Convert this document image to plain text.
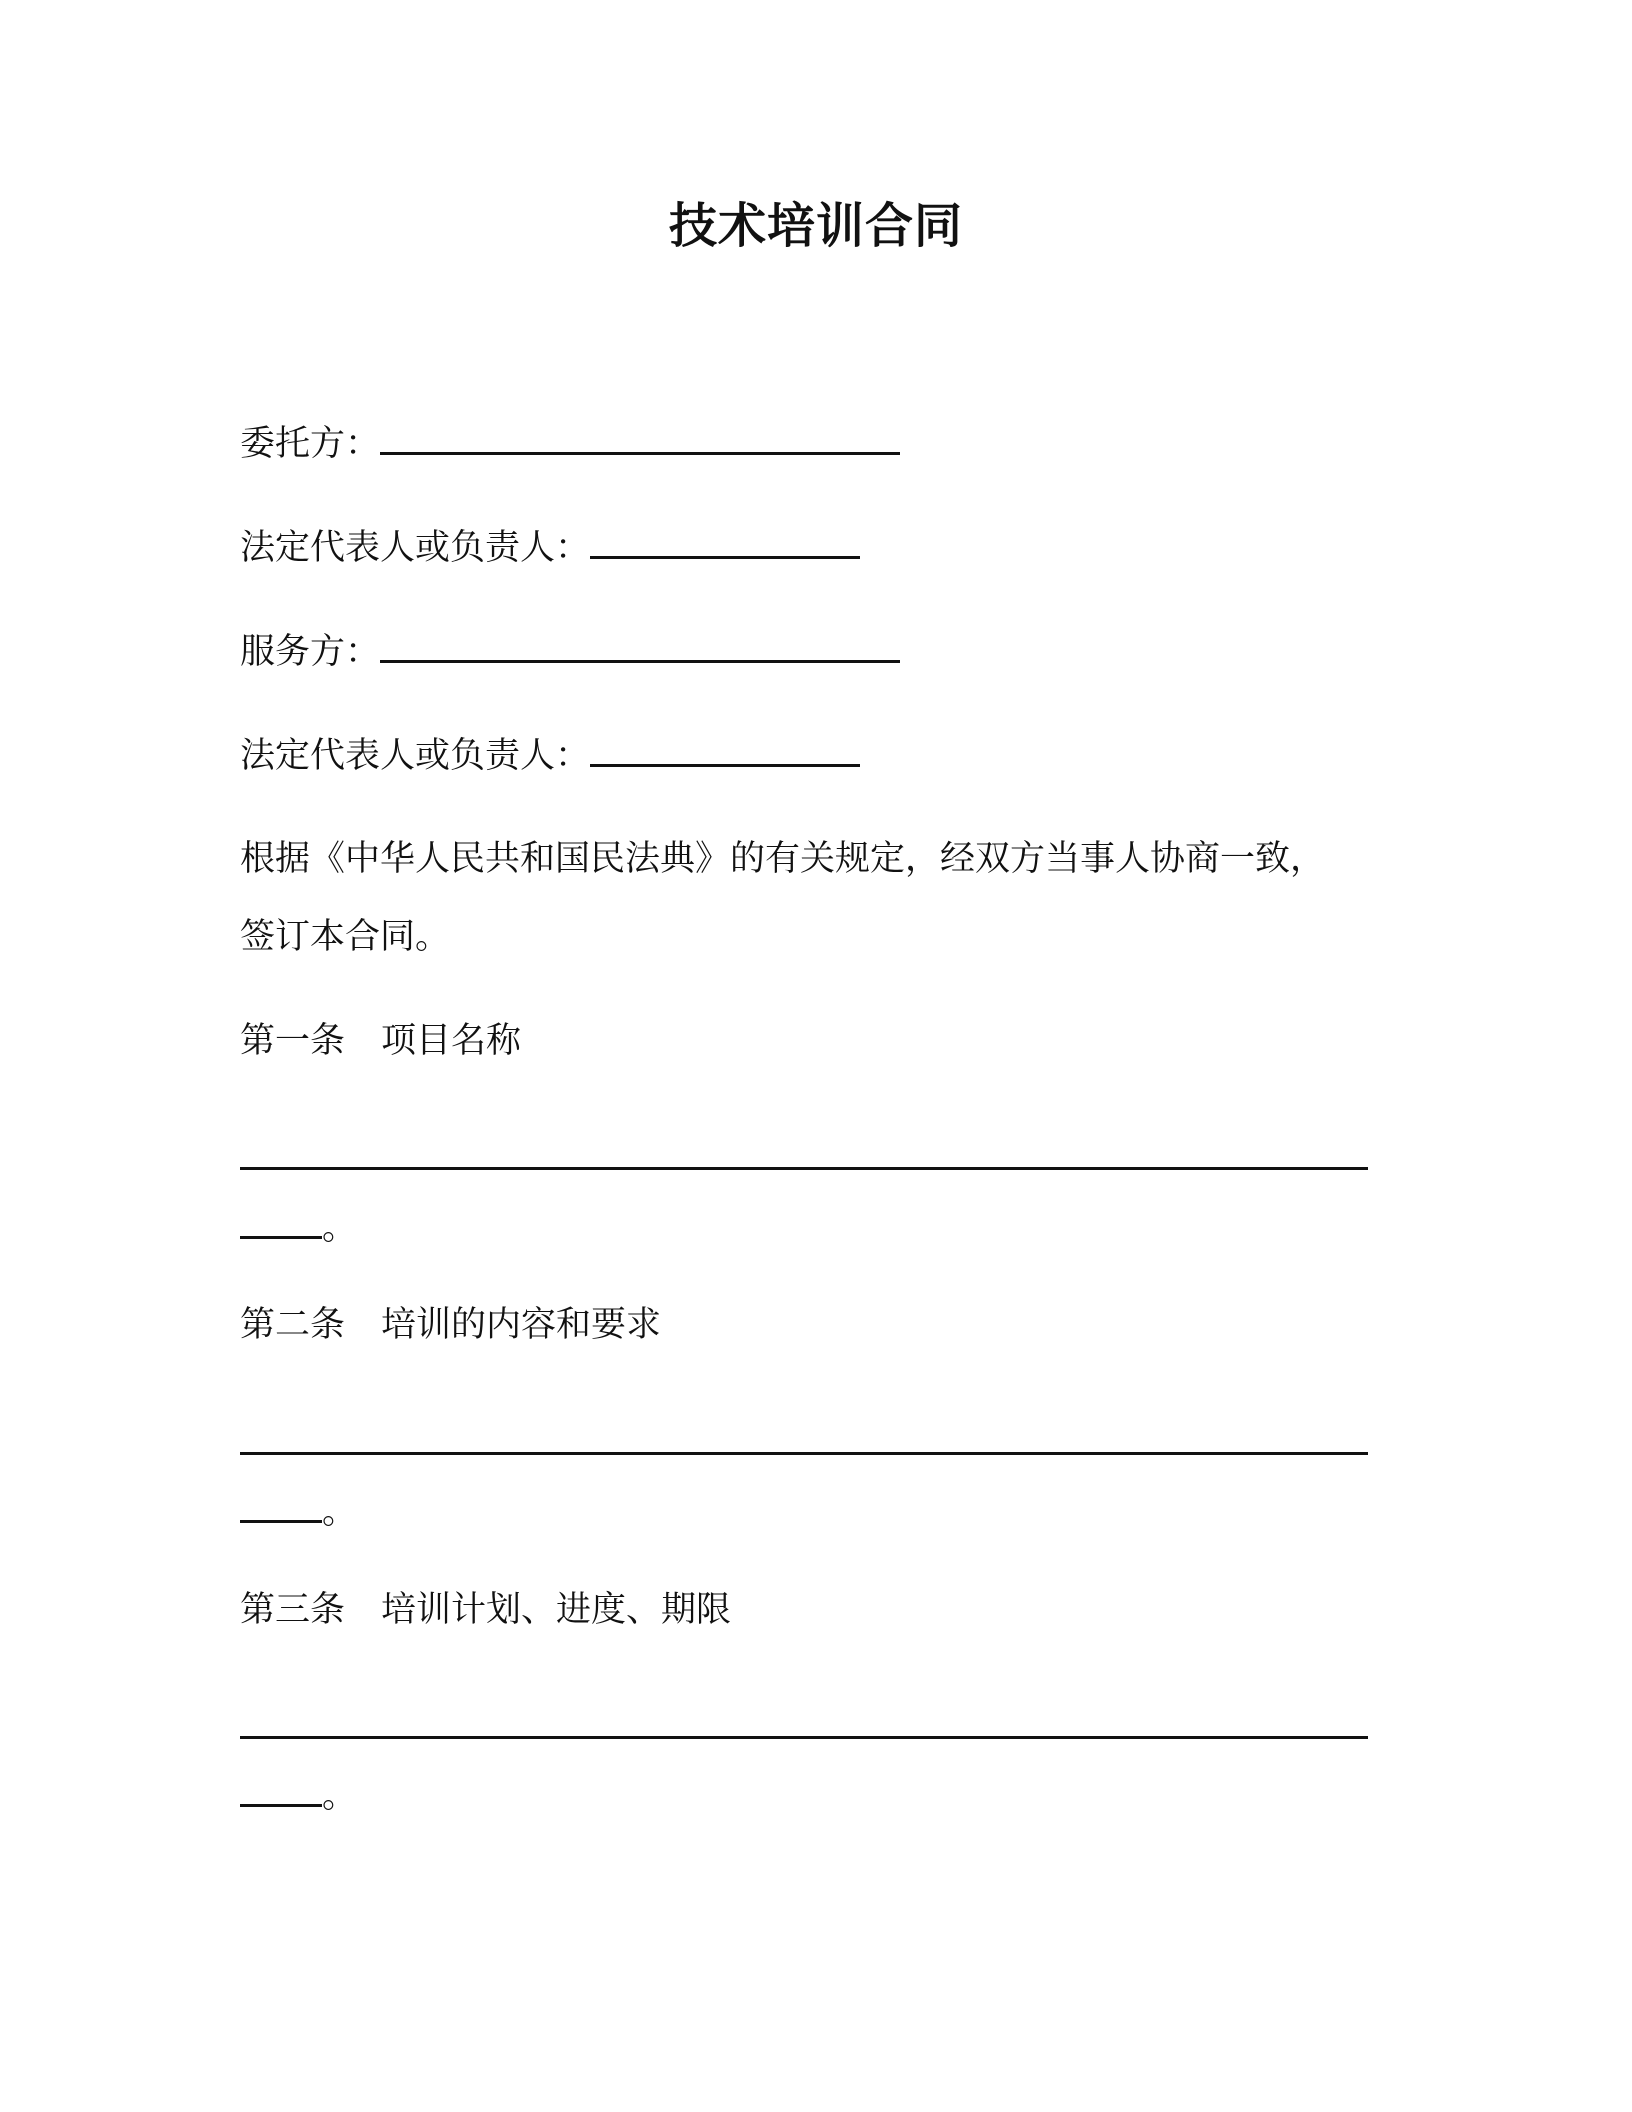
技术培训合同
委托方：
法定代表人或负责人：
服务方：
法定代表人或负责人：
根据《中华人民共和国民法典》的有关规定，经双方当事人协商一致，
签订本合同。
第一条 项目名称
。
第二条 培训的内容和要求
。
第三条 培训计划、进度、期限
。
